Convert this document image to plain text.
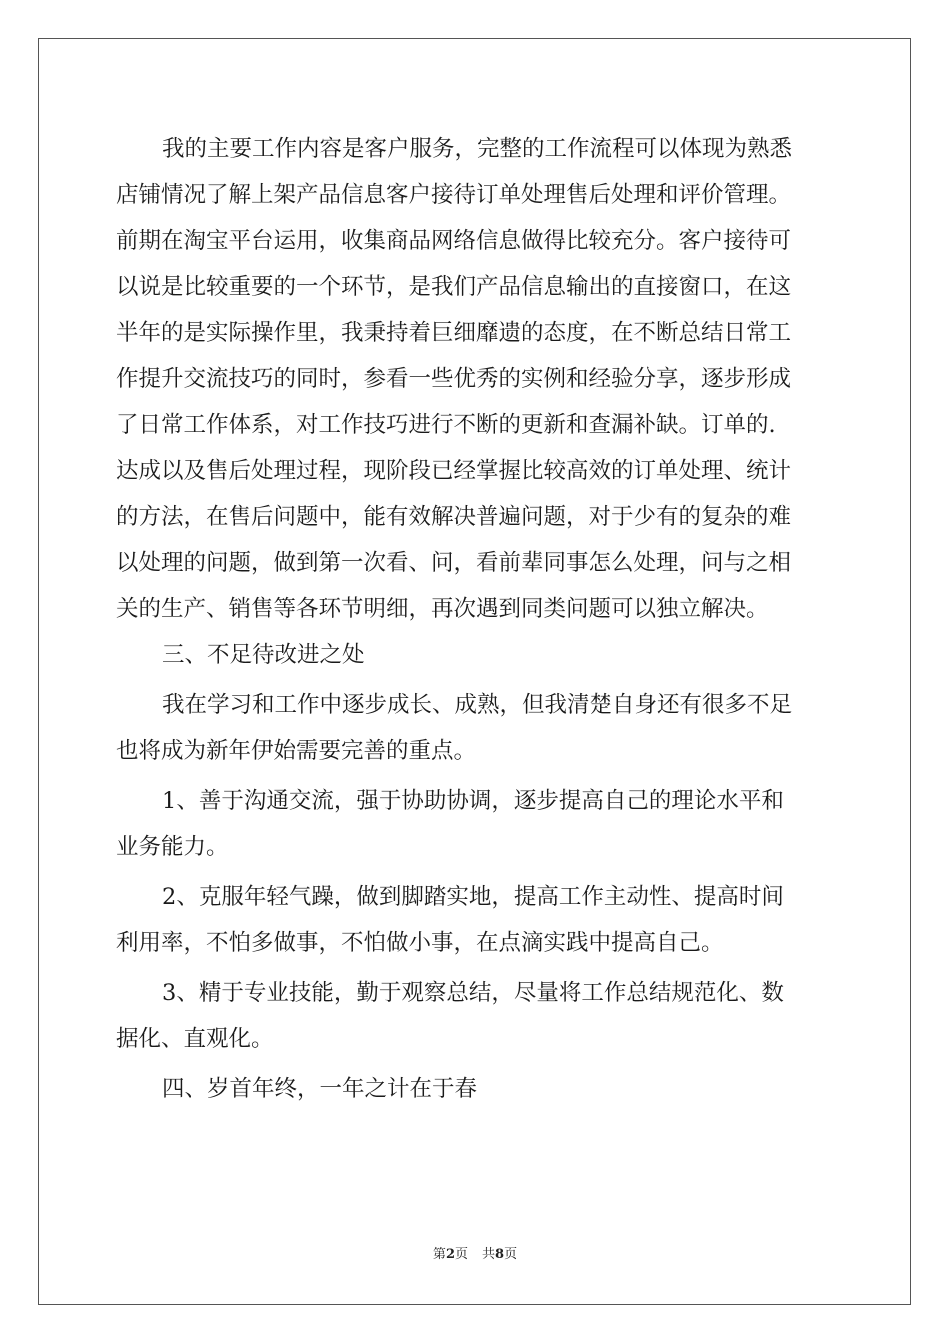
我的主要工作内容是客户服务，完整的工作流程可以体现为熟悉
店铺情况了解上架产品信息客户接待订单处理售后处理和评价管理。
前期在淘宝平台运用，收集商品网络信息做得比较充分。客户接待可
以说是比较重要的一个环节，是我们产品信息输出的直接窗口，在这
半年的是实际操作里，我秉持着巨细靡遗的态度，在不断总结日常工
作提升交流技巧的同时，参看一些优秀的实例和经验分享，逐步形成
了日常工作体系，对工作技巧进行不断的更新和查漏补缺。订单的.
达成以及售后处理过程，现阶段已经掌握比较高效的订单处理、统计
的方法，在售后问题中，能有效解决普遍问题，对于少有的复杂的难
以处理的问题，做到第一次看、问，看前辈同事怎么处理，问与之相
关的生产、销售等各环节明细，再次遇到同类问题可以独立解决。
三、不足待改进之处
我在学习和工作中逐步成长、成熟，但我清楚自身还有很多不足
也将成为新年伊始需要完善的重点。
1、善于沟通交流，强于协助协调，逐步提高自己的理论水平和
业务能力。
2、克服年轻气躁，做到脚踏实地，提高工作主动性、提高时间
利用率，不怕多做事，不怕做小事，在点滴实践中提高自己。
3、精于专业技能，勤于观察总结，尽量将工作总结规范化、数
据化、直观化。
四、岁首年终，一年之计在于春
第2页 共8页
